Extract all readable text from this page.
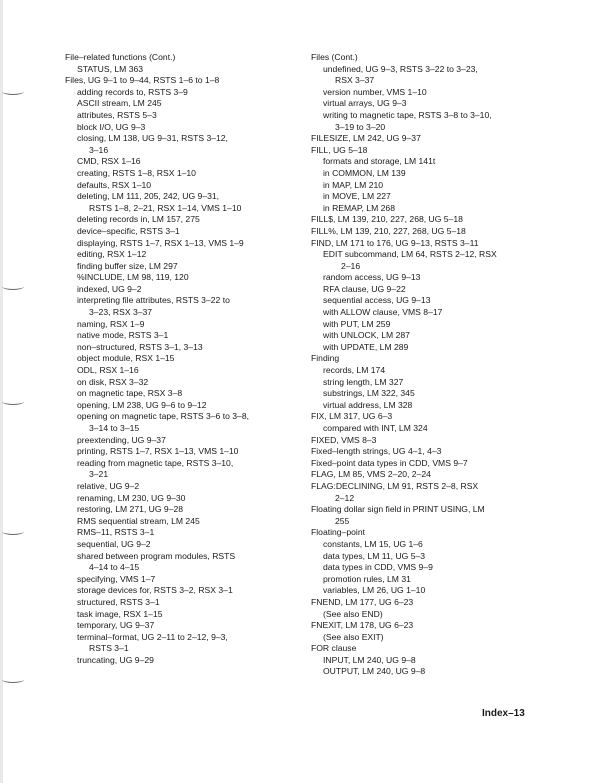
File–related functions (Cont.)
STATUS, LM 363
Files, UG 9–1 to 9–44, RSTS 1–6 to 1–8
adding records to, RSTS 3–9
ASCII stream, LM 245
attributes, RSTS 5–3
block I/O, UG 9–3
closing, LM 138, UG 9–31, RSTS 3–12,
3–16
CMD, RSX 1–16
creating, RSTS 1–8, RSX 1–10
defaults, RSX 1–10
deleting, LM 111, 205, 242, UG 9–31,
RSTS 1–8, 2–21, RSX 1–14, VMS 1–10
deleting records in, LM 157, 275
device–specific, RSTS 3–1
displaying, RSTS 1–7, RSX 1–13, VMS 1–9
editing, RSX 1–12
finding buffer size, LM 297
%INCLUDE, LM 98, 119, 120
indexed, UG 9–2
interpreting file attributes, RSTS 3–22 to
3–23, RSX 3–37
naming, RSX 1–9
native mode, RSTS 3–1
non–structured, RSTS 3–1, 3–13
object module, RSX 1–15
ODL, RSX 1–16
on disk, RSX 3–32
on magnetic tape, RSX 3–8
opening, LM 238, UG 9–6 to 9–12
opening on magnetic tape, RSTS 3–6 to 3–8,
3–14 to 3–15
preextending, UG 9–37
printing, RSTS 1–7, RSX 1–13, VMS 1–10
reading from magnetic tape, RSTS 3–10,
3–21
relative, UG 9–2
renaming, LM 230, UG 9–30
restoring, LM 271, UG 9–28
RMS sequential stream, LM 245
RMS–11, RSTS 3–1
sequential, UG 9–2
shared between program modules, RSTS
4–14 to 4–15
specifying, VMS 1–7
storage devices for, RSTS 3–2, RSX 3–1
structured, RSTS 3–1
task image, RSX 1–15
temporary, UG 9–37
terminal–format, UG 2–11 to 2–12, 9–3,
RSTS 3–1
truncating, UG 9–29
Files (Cont.)
undefined, UG 9–3, RSTS 3–22 to 3–23,
RSX 3–37
version number, VMS 1–10
virtual arrays, UG 9–3
writing to magnetic tape, RSTS 3–8 to 3–10,
3–19 to 3–20
FILESIZE, LM 242, UG 9–37
FILL, UG 5–18
formats and storage, LM 141t
in COMMON, LM 139
in MAP, LM 210
in MOVE, LM 227
in REMAP, LM 268
FILL$, LM 139, 210, 227, 268, UG 5–18
FILL%, LM 139, 210, 227, 268, UG 5–18
FIND, LM 171 to 176, UG 9–13, RSTS 3–11
EDIT subcommand, LM 64, RSTS 2–12, RSX
2–16
random access, UG 9–13
RFA clause, UG 9–22
sequential access, UG 9–13
with ALLOW clause, VMS 8–17
with PUT, LM 259
with UNLOCK, LM 287
with UPDATE, LM 289
Finding
records, LM 174
string length, LM 327
substrings, LM 322, 345
virtual address, LM 328
FIX, LM 317, UG 6–3
compared with INT, LM 324
FIXED, VMS 8–3
Fixed–length strings, UG 4–1, 4–3
Fixed–point data types in CDD, VMS 9–7
FLAG, LM 85, VMS 2–20, 2–24
FLAG:DECLINING, LM 91, RSTS 2–8, RSX
2–12
Floating dollar sign field in PRINT USING, LM
255
Floating–point
constants, LM 15, UG 1–6
data types, LM 11, UG 5–3
data types in CDD, VMS 9–9
promotion rules, LM 31
variables, LM 26, UG 1–10
FNEND, LM 177, UG 6–23
(See also END)
FNEXIT, LM 178, UG 6–23
(See also EXIT)
FOR clause
INPUT, LM 240, UG 9–8
OUTPUT, LM 240, UG 9–8
Index–13
